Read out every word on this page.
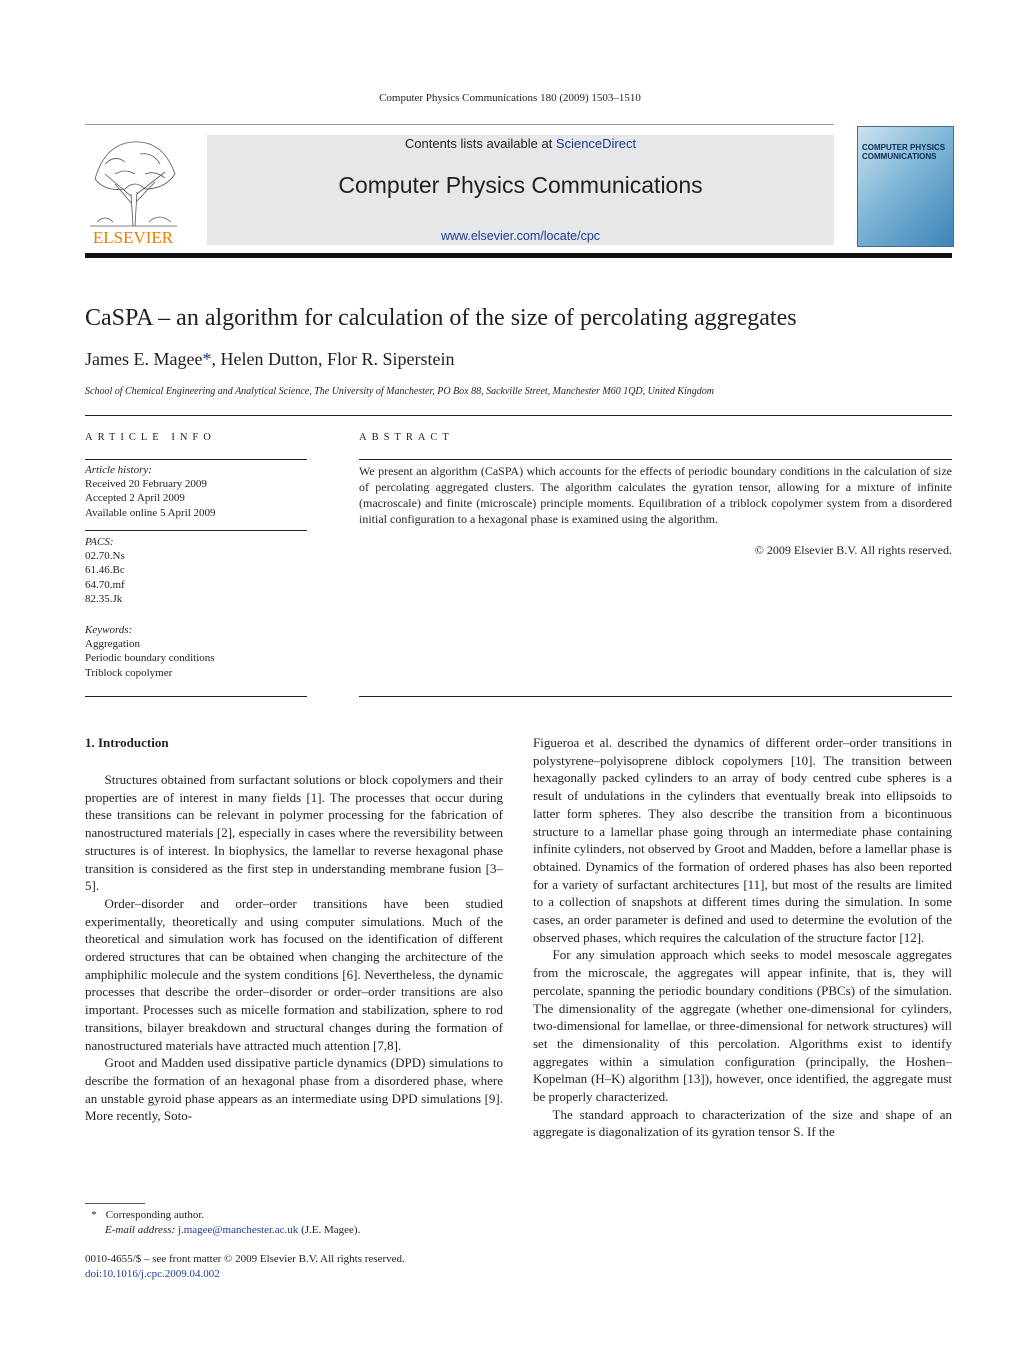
Computer Physics Communications 180 (2009) 1503–1510
ELSEVIER
Contents lists available at ScienceDirect
Computer Physics Communications
www.elsevier.com/locate/cpc
COMPUTER PHYSICS COMMUNICATIONS
CaSPA – an algorithm for calculation of the size of percolating aggregates
James E. Magee*, Helen Dutton, Flor R. Siperstein
School of Chemical Engineering and Analytical Science, The University of Manchester, PO Box 88, Sackville Street, Manchester M60 1QD, United Kingdom
ARTICLE INFO
Article history:
Received 20 February 2009
Accepted 2 April 2009
Available online 5 April 2009
PACS:
02.70.Ns
61.46.Bc
64.70.mf
82.35.Jk
Keywords:
Aggregation
Periodic boundary conditions
Triblock copolymer
ABSTRACT
We present an algorithm (CaSPA) which accounts for the effects of periodic boundary conditions in the calculation of size of percolating aggregated clusters. The algorithm calculates the gyration tensor, allowing for a mixture of infinite (macroscale) and finite (microscale) principle moments. Equilibration of a triblock copolymer system from a disordered initial configuration to a hexagonal phase is examined using the algorithm.
© 2009 Elsevier B.V. All rights reserved.
1. Introduction

Structures obtained from surfactant solutions or block copolymers and their properties are of interest in many fields [1]. The processes that occur during these transitions can be relevant in polymer processing for the fabrication of nanostructured materials [2], especially in cases where the reversibility between structures is of interest. In biophysics, the lamellar to reverse hexagonal phase transition is considered as the first step in understanding membrane fusion [3–5].

Order–disorder and order–order transitions have been studied experimentally, theoretically and using computer simulations. Much of the theoretical and simulation work has focused on the identification of different ordered structures that can be obtained when changing the architecture of the amphiphilic molecule and the system conditions [6]. Nevertheless, the dynamic processes that describe the order–disorder or order–order transitions are also important. Processes such as micelle formation and stabilization, sphere to rod transitions, bilayer breakdown and structural changes during the formation of nanostructured materials have attracted much attention [7,8].

Groot and Madden used dissipative particle dynamics (DPD) simulations to describe the formation of an hexagonal phase from a disordered phase, where an unstable gyroid phase appears as an intermediate using DPD simulations [9]. More recently, Soto-

Figueroa et al. described the dynamics of different order–order transitions in polystyrene–polyisoprene diblock copolymers [10]. The transition between hexagonally packed cylinders to an array of body centred cube spheres is a result of undulations in the cylinders that eventually break into ellipsoids to latter form spheres. They also describe the transition from a bicontinuous structure to a lamellar phase going through an intermediate phase containing infinite cylinders, not observed by Groot and Madden, before a lamellar phase is obtained. Dynamics of the formation of ordered phases has also been reported for a variety of surfactant architectures [11], but most of the results are limited to a collection of snapshots at different times during the simulation. In some cases, an order parameter is defined and used to determine the evolution of the observed phases, which requires the calculation of the structure factor [12].

For any simulation approach which seeks to model mesoscale aggregates from the microscale, the aggregates will appear infinite, that is, they will percolate, spanning the periodic boundary conditions (PBCs) of the simulation. The dimensionality of the aggregate (whether one-dimensional for cylinders, two-dimensional for lamellae, or three-dimensional for network structures) will set the dimensionality of this percolation. Algorithms exist to identify aggregates within a simulation configuration (principally, the Hoshen–Kopelman (H–K) algorithm [13]), however, once identified, the aggregate must be properly characterized.

The standard approach to characterization of the size and shape of an aggregate is diagonalization of its gyration tensor S. If the

* Corresponding author.
E-mail address: j.magee@manchester.ac.uk (J.E. Magee).
0010-4655/$ – see front matter © 2009 Elsevier B.V. All rights reserved.
doi:10.1016/j.cpc.2009.04.002
